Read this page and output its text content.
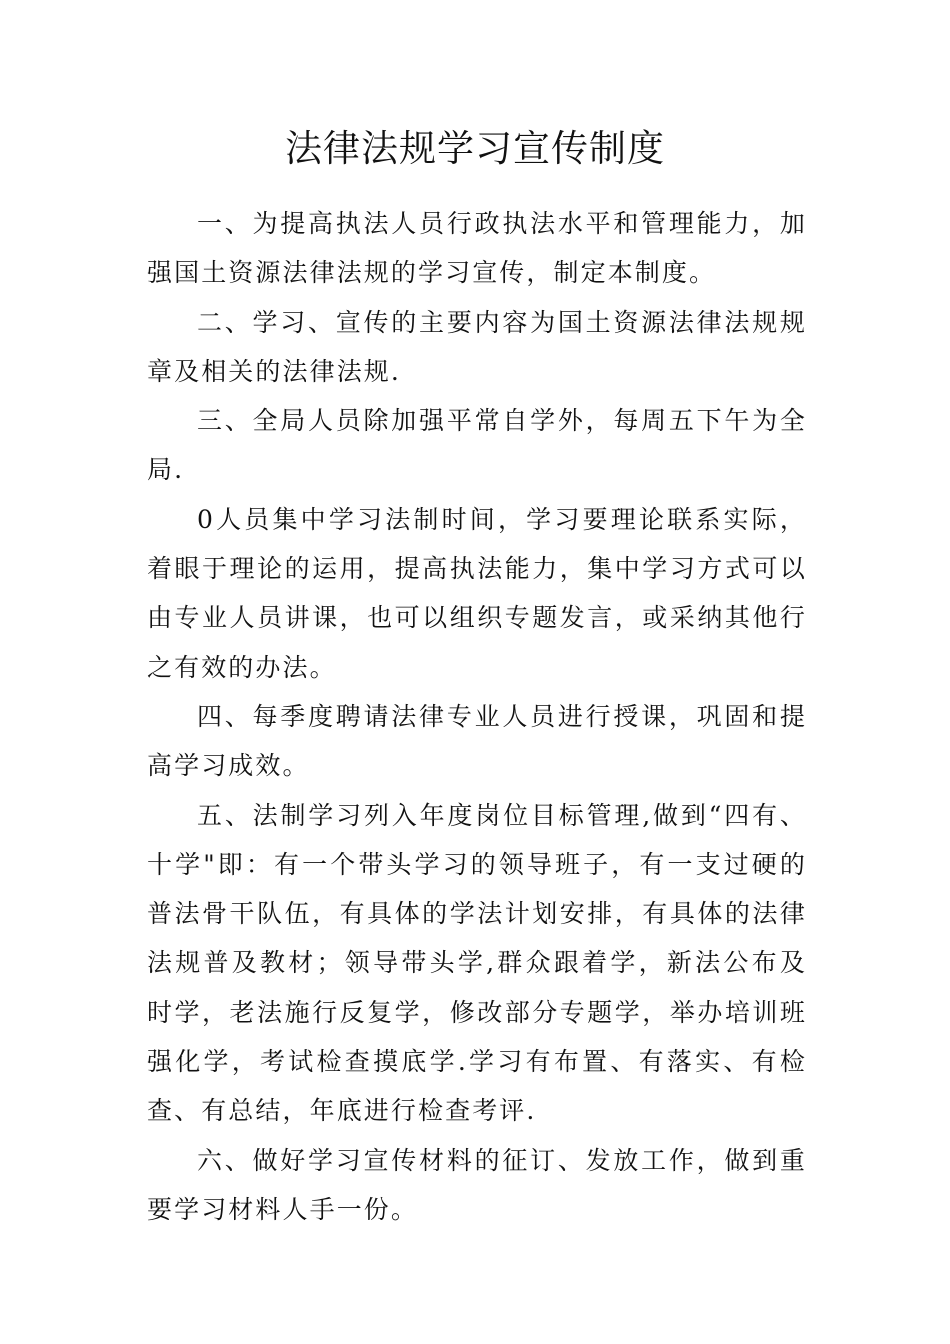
法律法规学习宣传制度

一、为提高执法人员行政执法水平和管理能力，加强国土资源法律法规的学习宣传，制定本制度。

二、学习、宣传的主要内容为国土资源法律法规规章及相关的法律法规.

三、全局人员除加强平常自学外，每周五下午为全局.

0人员集中学习法制时间，学习要理论联系实际，着眼于理论的运用，提高执法能力，集中学习方式可以由专业人员讲课，也可以组织专题发言，或采纳其他行之有效的办法。

四、每季度聘请法律专业人员进行授课，巩固和提高学习成效。

五、法制学习列入年度岗位目标管理,做到“四有、十学"即：有一个带头学习的领导班子，有一支过硬的普法骨干队伍，有具体的学法计划安排，有具体的法律法规普及教材；领导带头学,群众跟着学，新法公布及时学，老法施行反复学，修改部分专题学，举办培训班强化学，考试检查摸底学.学习有布置、有落实、有检查、有总结，年底进行检查考评.

六、做好学习宣传材料的征订、发放工作，做到重要学习材料人手一份。
